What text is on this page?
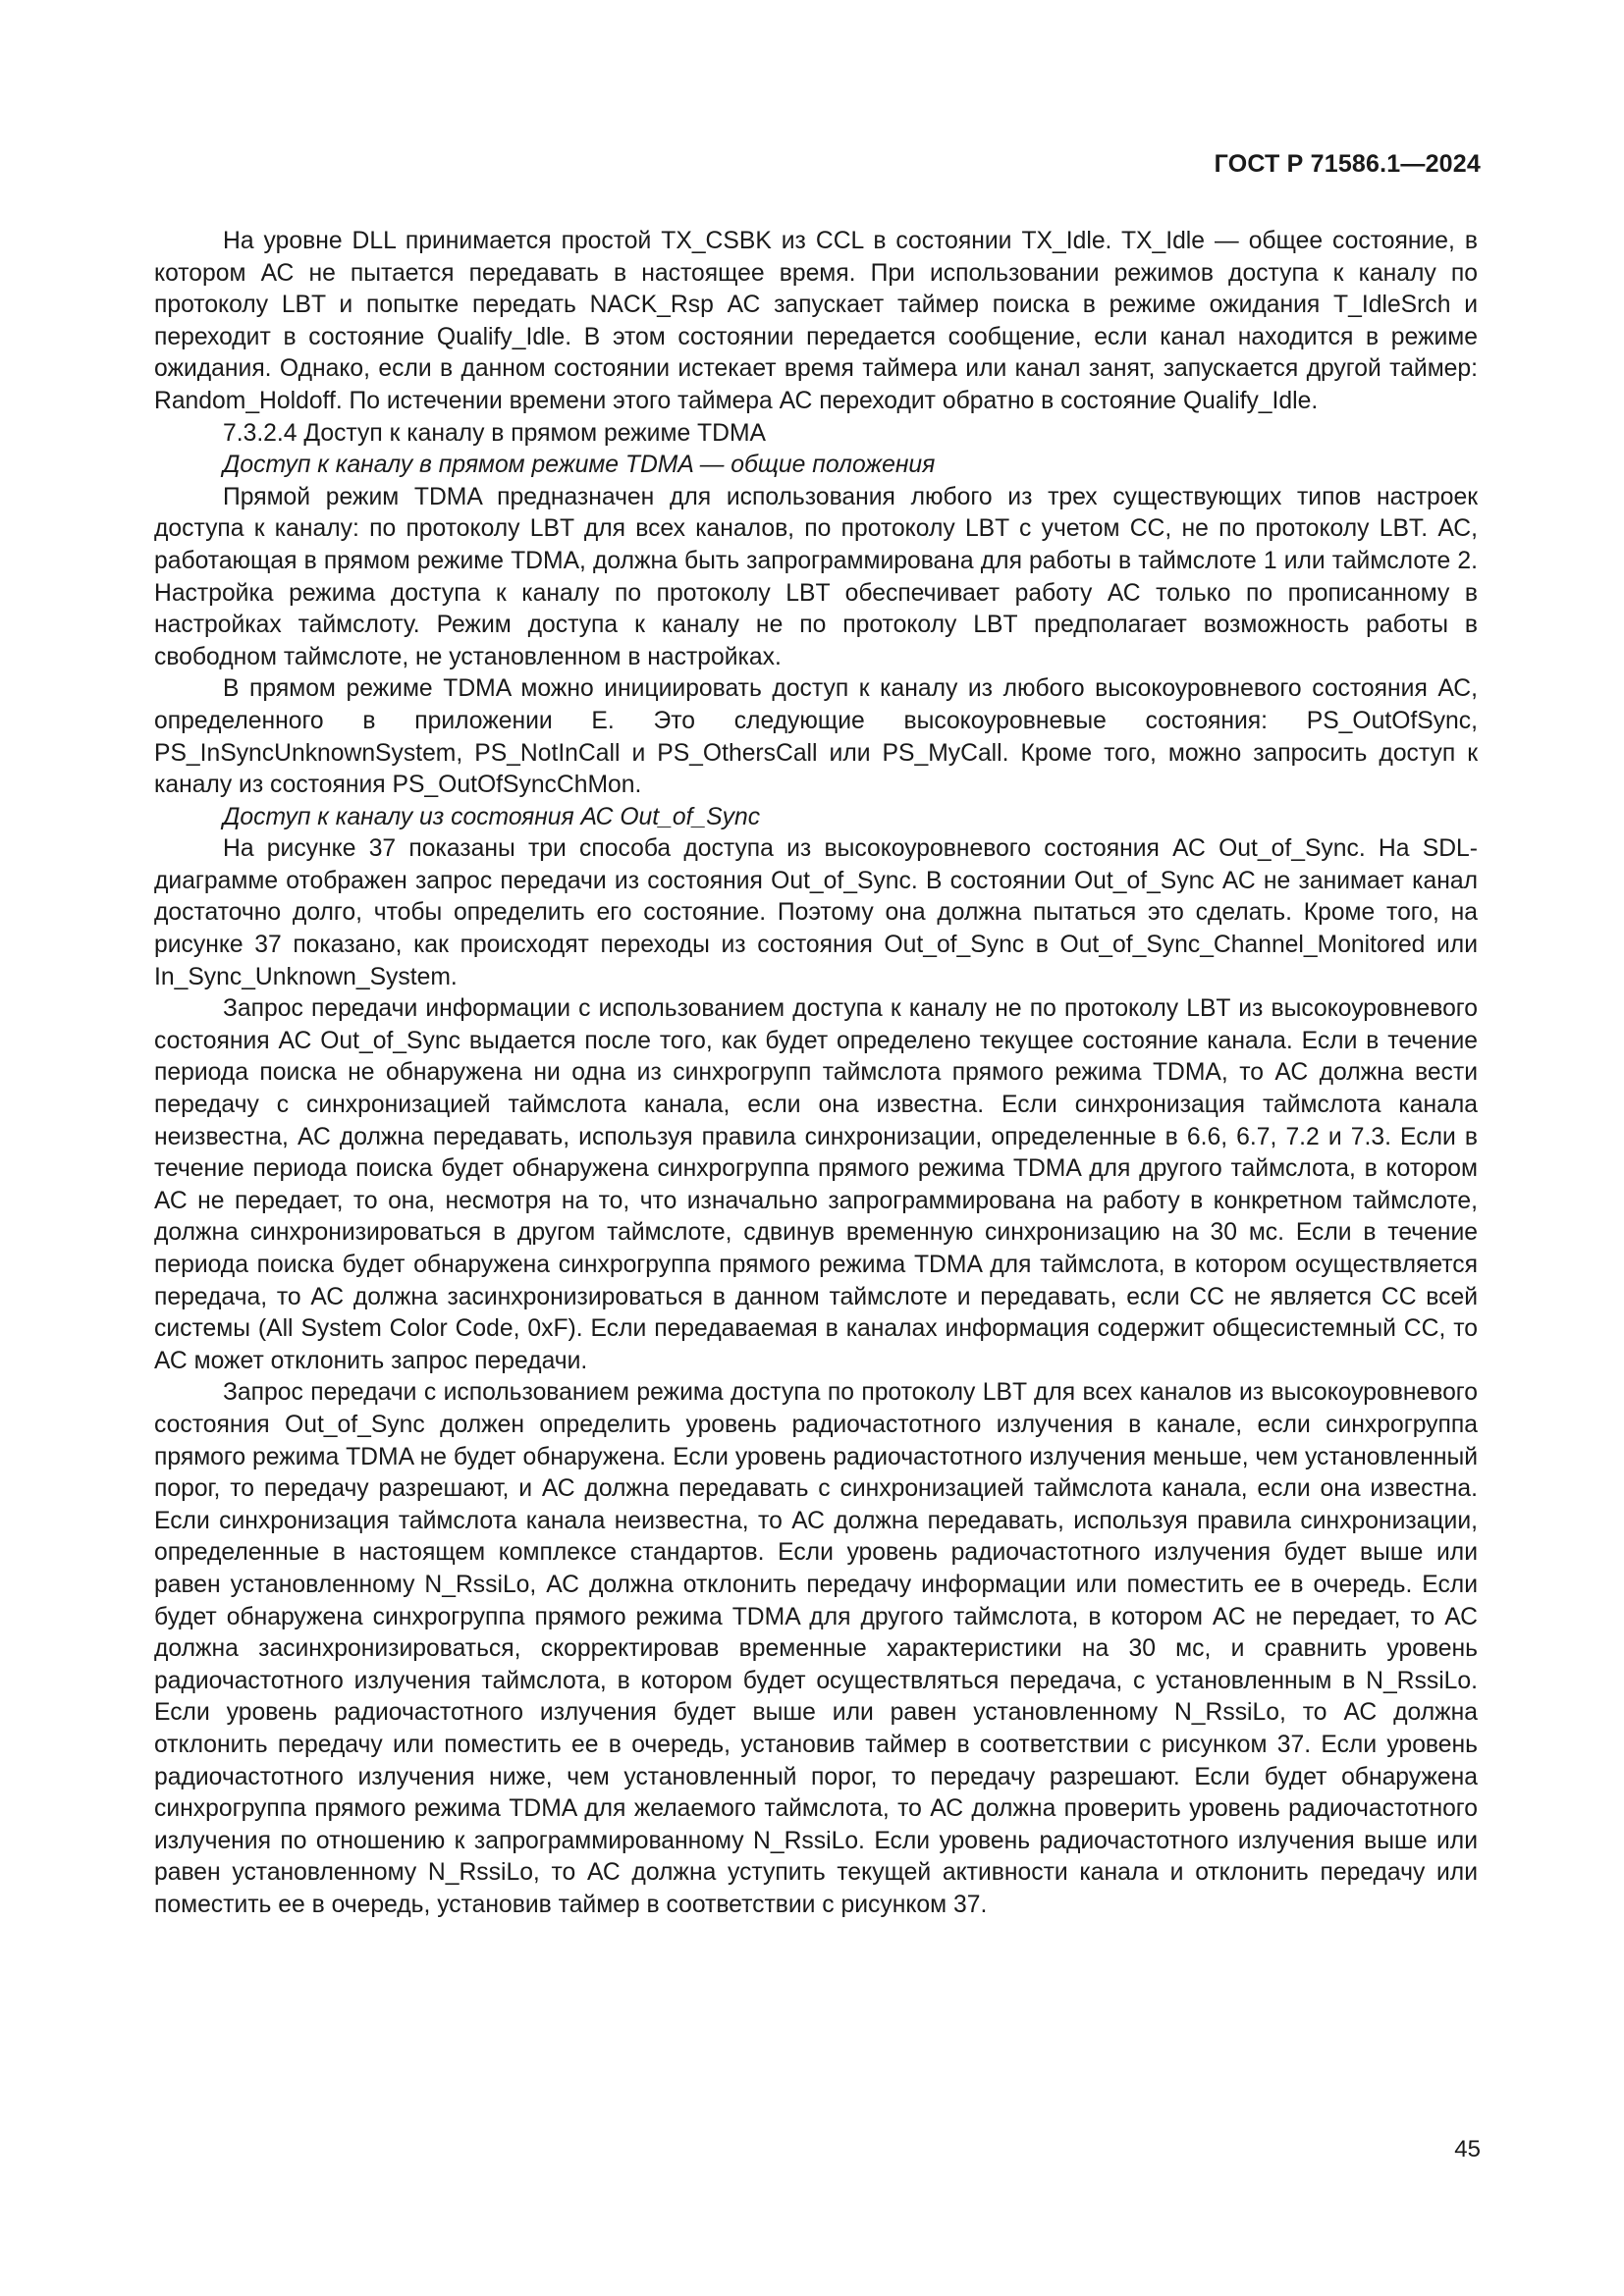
ГОСТ Р 71586.1—2024

На уровне DLL принимается простой TX_CSBK из CCL в состоянии TX_Idle. TX_Idle — общее состояние, в котором АС не пытается передавать в настоящее время. При использовании режимов доступа к каналу по протоколу LBT и попытке передать NACK_Rsp АС запускает таймер поиска в режиме ожидания T_IdleSrch и переходит в состояние Qualify_Idle. В этом состоянии передается сообщение, если канал находится в режиме ожидания. Однако, если в данном состоянии истекает время таймера или канал занят, запускается другой таймер: Random_Holdoff. По истечении времени этого таймера АС переходит обратно в состояние Qualify_Idle.

7.3.2.4 Доступ к каналу в прямом режиме TDMA

Доступ к каналу в прямом режиме TDMA — общие положения

Прямой режим TDMA предназначен для использования любого из трех существующих типов настроек доступа к каналу: по протоколу LBT для всех каналов, по протоколу LBT с учетом CC, не по протоколу LBT. АС, работающая в прямом режиме TDMA, должна быть запрограммирована для работы в таймслоте 1 или таймслоте 2. Настройка режима доступа к каналу по протоколу LBT обеспечивает работу АС только по прописанному в настройках таймслоту. Режим доступа к каналу не по протоколу LBT предполагает возможность работы в свободном таймслоте, не установленном в настройках.

В прямом режиме TDMA можно инициировать доступ к каналу из любого высокоуровневого состояния АС, определенного в приложении Е. Это следующие высокоуровневые состояния: PS_OutOfSync, PS_InSyncUnknownSystem, PS_NotInCall и PS_OthersCall или PS_MyCall. Кроме того, можно запросить доступ к каналу из состояния PS_OutOfSyncChMon.

Доступ к каналу из состояния АС Out_of_Sync

На рисунке 37 показаны три способа доступа из высокоуровневого состояния АС Out_of_Sync. На SDL-диаграмме отображен запрос передачи из состояния Out_of_Sync. В состоянии Out_of_Sync АС не занимает канал достаточно долго, чтобы определить его состояние. Поэтому она должна пытаться это сделать. Кроме того, на рисунке 37 показано, как происходят переходы из состояния Out_of_Sync в Out_of_Sync_Channel_Monitored или In_Sync_Unknown_System.

Запрос передачи информации с использованием доступа к каналу не по протоколу LBT из высокоуровневого состояния АС Out_of_Sync выдается после того, как будет определено текущее состояние канала. Если в течение периода поиска не обнаружена ни одна из синхрогрупп таймслота прямого режима TDMA, то АС должна вести передачу с синхронизацией таймслота канала, если она известна. Если синхронизация таймслота канала неизвестна, АС должна передавать, используя правила синхронизации, определенные в 6.6, 6.7, 7.2 и 7.3. Если в течение периода поиска будет обнаружена синхрогруппа прямого режима TDMA для другого таймслота, в котором АС не передает, то она, несмотря на то, что изначально запрограммирована на работу в конкретном таймслоте, должна синхронизироваться в другом таймслоте, сдвинув временную синхронизацию на 30 мс. Если в течение периода поиска будет обнаружена синхрогруппа прямого режима TDMA для таймслота, в котором осуществляется передача, то АС должна засинхронизироваться в данном таймслоте и передавать, если CC не является CC всей системы (All System Color Code, 0xF). Если передаваемая в каналах информация содержит общесистемный CC, то АС может отклонить запрос передачи.

Запрос передачи с использованием режима доступа по протоколу LBT для всех каналов из высокоуровневого состояния Out_of_Sync должен определить уровень радиочастотного излучения в канале, если синхрогруппа прямого режима TDMA не будет обнаружена. Если уровень радиочастотного излучения меньше, чем установленный порог, то передачу разрешают, и АС должна передавать с синхронизацией таймслота канала, если она известна. Если синхронизация таймслота канала неизвестна, то АС должна передавать, используя правила синхронизации, определенные в настоящем комплексе стандартов. Если уровень радиочастотного излучения будет выше или равен установленному N_RssiLo, АС должна отклонить передачу информации или поместить ее в очередь. Если будет обнаружена синхрогруппа прямого режима TDMA для другого таймслота, в котором АС не передает, то АС должна засинхронизироваться, скорректировав временные характеристики на 30 мс, и сравнить уровень радиочастотного излучения таймслота, в котором будет осуществляться передача, с установленным в N_RssiLo. Если уровень радиочастотного излучения будет выше или равен установленному N_RssiLo, то АС должна отклонить передачу или поместить ее в очередь, установив таймер в соответствии с рисунком 37. Если уровень радиочастотного излучения ниже, чем установленный порог, то передачу разрешают. Если будет обнаружена синхрогруппа прямого режима TDMA для желаемого таймслота, то АС должна проверить уровень радиочастотного излучения по отношению к запрограммированному N_RssiLo. Если уровень радиочастотного излучения выше или равен установленному N_RssiLo, то АС должна уступить текущей активности канала и отклонить передачу или поместить ее в очередь, установив таймер в соответствии с рисунком 37.

45
